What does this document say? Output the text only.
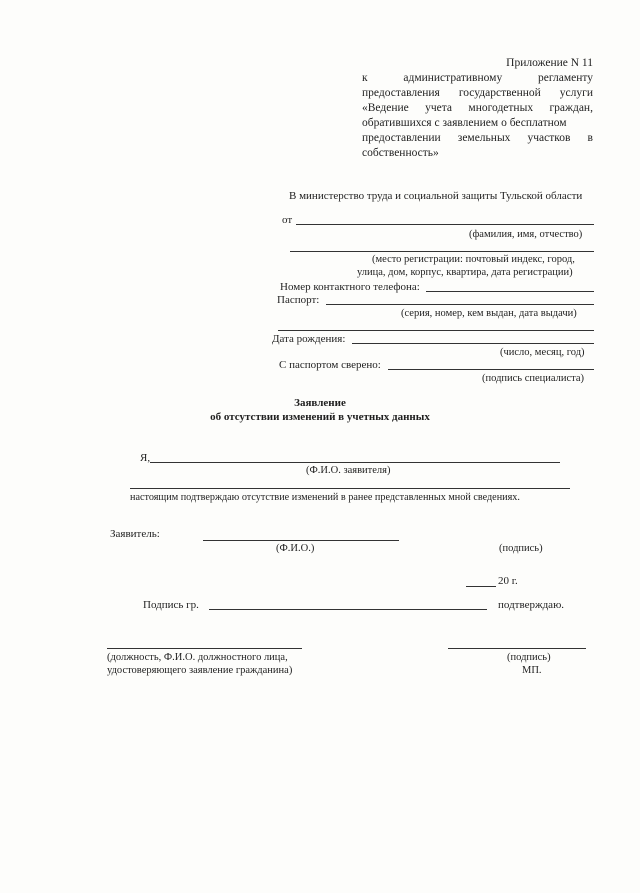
Приложение N 11
к	административному	регламенту
предоставления государственной услуги
«Ведение учета многодетных граждан,
обратившихся с заявлением о бесплатном
предоставлении земельных участков в
собственность»
В министерство труда и социальной защиты Тульской области
от
(фамилия, имя, отчество)
(место регистрации: почтовый индекс, город,
улица, дом, корпус, квартира, дата регистрации)
Номер контактного телефона:
Паспорт:
(серия, номер, кем выдан, дата выдачи)
Дата рождения:
(число, месяц, год)
С паспортом сверено:
(подпись специалиста)
Заявление
об отсутствии изменений в учетных данных
Я,
(Ф.И.О. заявителя)
настоящим подтверждаю отсутствие изменений в ранее представленных мной сведениях.
Заявитель:
(Ф.И.О.)	(подпись)
20 г.
Подпись гр.	подтверждаю.
(должность, Ф.И.О. должностного лица,
удостоверяющего заявление гражданина)
(подпись)
МП.
